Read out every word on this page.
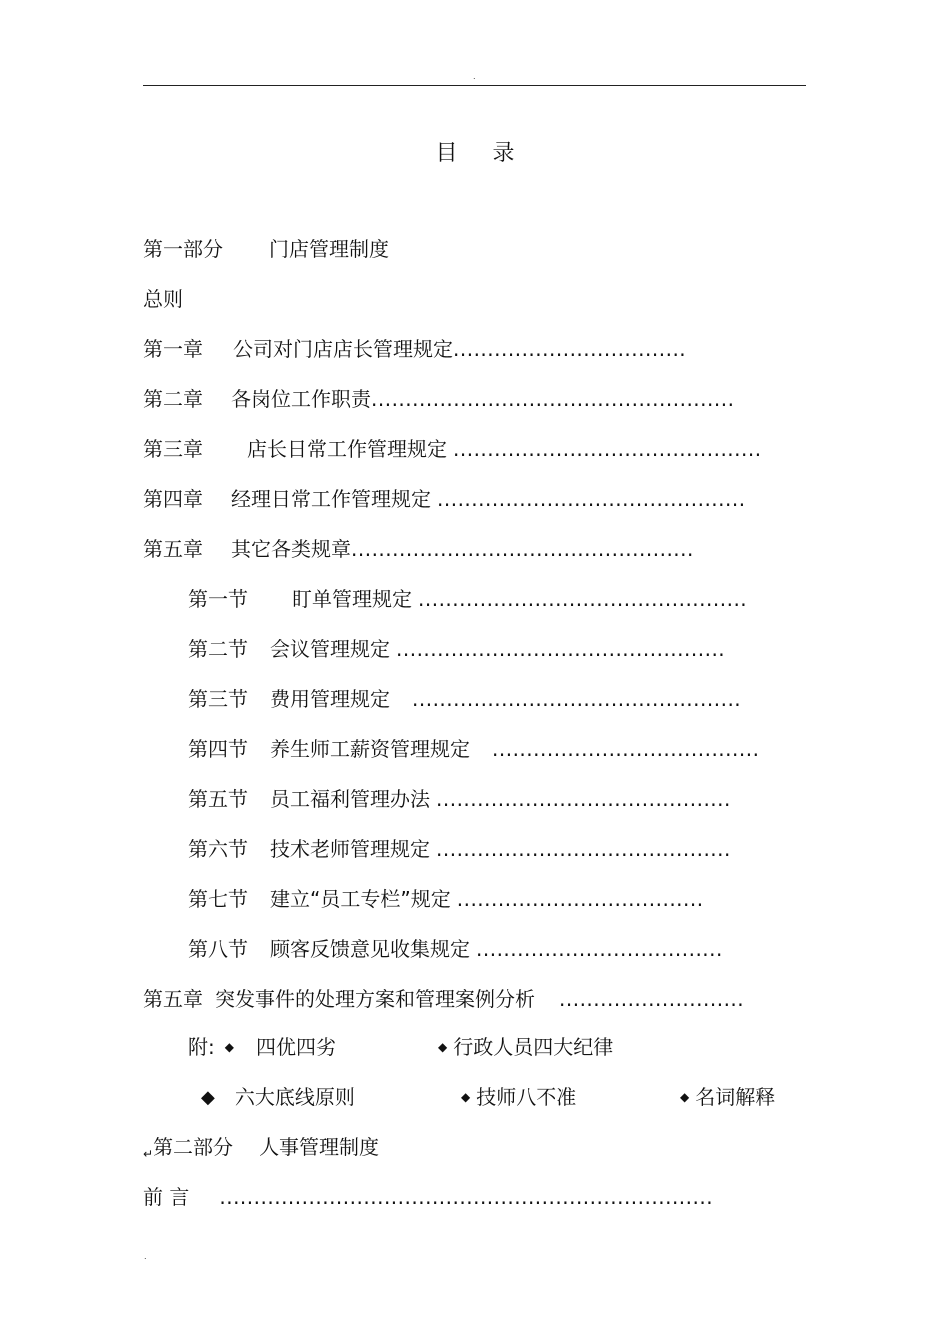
.
目 录
第一部分 门店管理制度
总则
第一章 公司对门店店长管理规定..................................
第二章 各岗位工作职责.....................................................
第三章 店长日常工作管理规定 .............................................
第四章 经理日常工作管理规定 .............................................
第五章 其它各类规章..................................................
第一节 盯单管理规定 ................................................
第二节 会议管理规定 ................................................
第三节 费用管理规定 ................................................
第四节 养生师工薪资管理规定 .......................................
第五节 员工福利管理办法 ...........................................
第六节 技术老师管理规定 ...........................................
第七节 建立“员工专栏”规定 ....................................
第八节 顾客反馈意见收集规定 ....................................
第五章 突发事件的处理方案和管理案例分析 ...........................
附: ◆ 四优四劣	◆ 行政人员四大纪律
◆ 六大底线原则	◆ 技师八不准	◆ 名词解释
$_↵$第二部分 人事管理制度
前 言 ........................................................................
.
